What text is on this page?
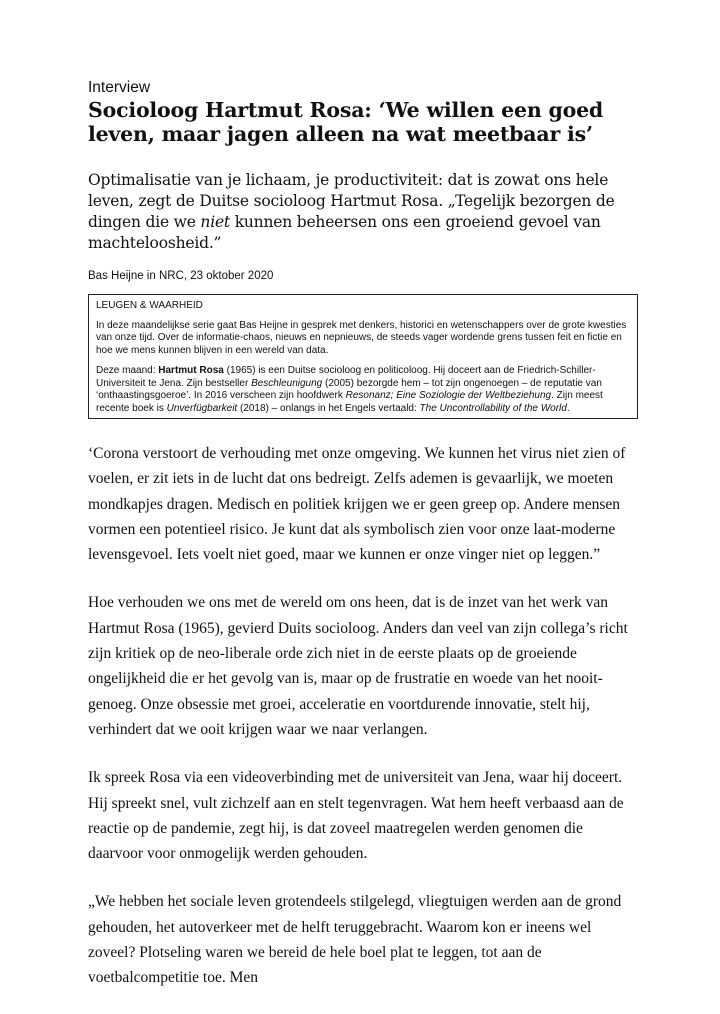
Interview

Socioloog Hartmut Rosa: ‘We willen een goed leven, maar jagen alleen na wat meetbaar is’

Optimalisatie van je lichaam, je productiviteit: dat is zowat ons hele leven, zegt de Duitse socioloog Hartmut Rosa. „Tegelijk bezorgen de dingen die we niet kunnen beheersen ons een groeiend gevoel van machteloosheid.”

Bas Heijne in NRC, 23 oktober 2020

LEUGEN & WAARHEID

In deze maandelijkse serie gaat Bas Heijne in gesprek met denkers, historici en wetenschappers over de grote kwesties van onze tijd. Over de informatie-chaos, nieuws en nepnieuws, de steeds vager wordende grens tussen feit en fictie en hoe we mens kunnen blijven in een wereld van data.

Deze maand: Hartmut Rosa (1965) is een Duitse socioloog en politicoloog. Hij doceert aan de Friedrich-Schiller-Universiteit te Jena. Zijn bestseller Beschleunigung (2005) bezorgde hem – tot zijn ongenoegen – de reputatie van ‘onthaastingsgoeroe’. In 2016 verscheen zijn hoofdwerk Resonanz; Eine Soziologie der Weltbeziehung. Zijn meest recente boek is Unverfügbarkeit (2018) – onlangs in het Engels vertaald: The Uncontrollability of the World.

‘Corona verstoort de verhouding met onze omgeving. We kunnen het virus niet zien of voelen, er zit iets in de lucht dat ons bedreigt. Zelfs ademen is gevaarlijk, we moeten mondkapjes dragen. Medisch en politiek krijgen we er geen greep op. Andere mensen vormen een potentieel risico. Je kunt dat als symbolisch zien voor onze laat-moderne levensgevoel. Iets voelt niet goed, maar we kunnen er onze vinger niet op leggen.”

Hoe verhouden we ons met de wereld om ons heen, dat is de inzet van het werk van Hartmut Rosa (1965), gevierd Duits socioloog. Anders dan veel van zijn collega’s richt zijn kritiek op de neo-liberale orde zich niet in de eerste plaats op de groeiende ongelijkheid die er het gevolg van is, maar op de frustratie en woede van het nooit-genoeg. Onze obsessie met groei, acceleratie en voortdurende innovatie, stelt hij, verhindert dat we ooit krijgen waar we naar verlangen.

Ik spreek Rosa via een videoverbinding met de universiteit van Jena, waar hij doceert. Hij spreekt snel, vult zichzelf aan en stelt tegenvragen. Wat hem heeft verbaasd aan de reactie op de pandemie, zegt hij, is dat zoveel maatregelen werden genomen die daarvoor voor onmogelijk werden gehouden.

„We hebben het sociale leven grotendeels stilgelegd, vliegtuigen werden aan de grond gehouden, het autoverkeer met de helft teruggebracht. Waarom kon er ineens wel zoveel? Plotseling waren we bereid de hele boel plat te leggen, tot aan de voetbalcompetitie toe. Men
